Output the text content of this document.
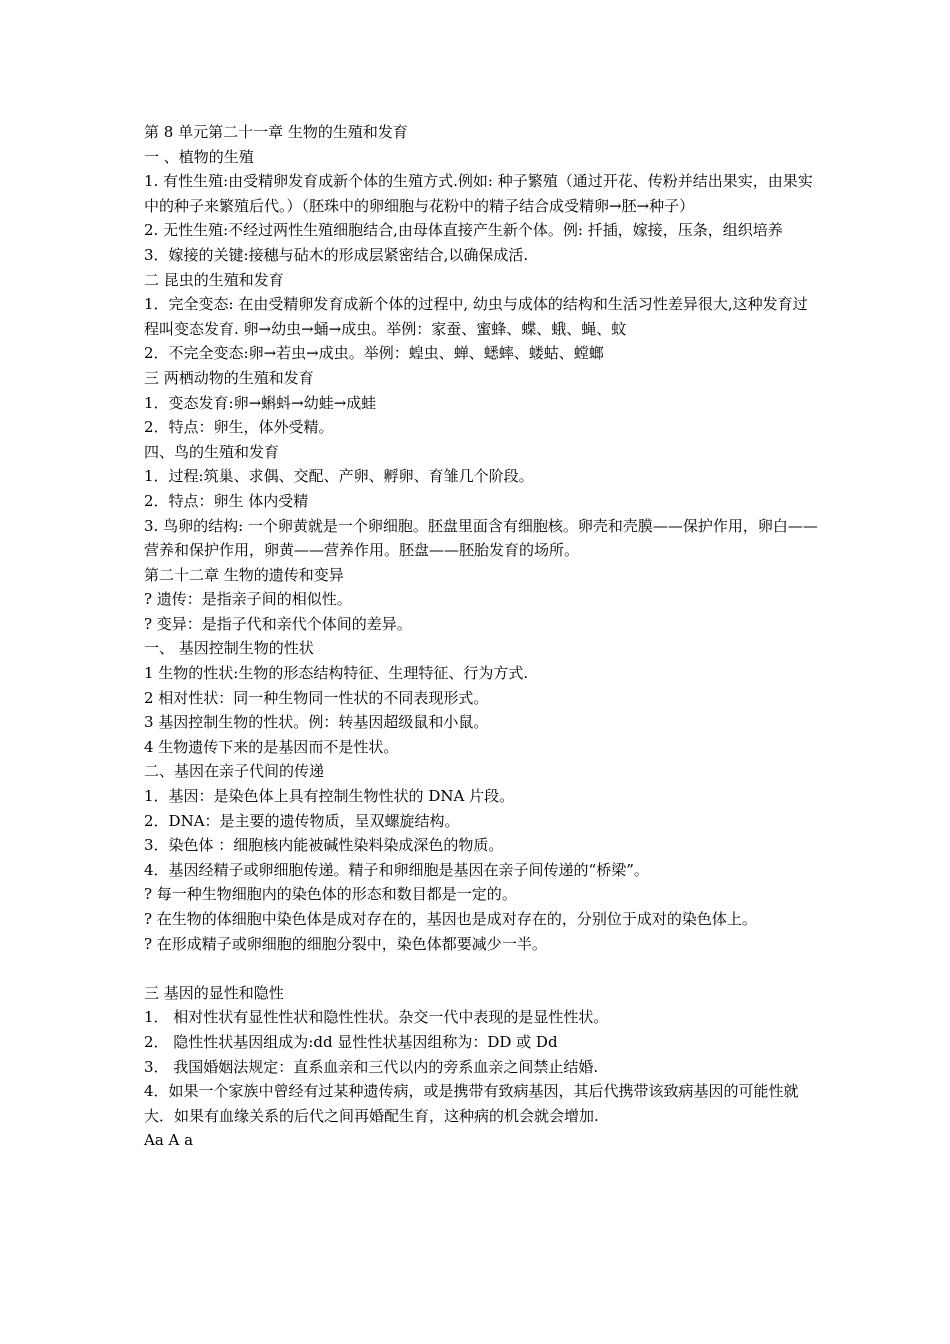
第 8 单元第二十一章 生物的生殖和发育
一 、植物的生殖
1. 有性生殖:由受精卵发育成新个体的生殖方式.例如: 种子繁殖（通过开花、传粉并结出果实，由果实中的种子来繁殖后代。）（胚珠中的卵细胞与花粉中的精子结合成受精卵→胚→种子）
2. 无性生殖:不经过两性生殖细胞结合,由母体直接产生新个体。例: 扦插，嫁接，压条，组织培养
3．嫁接的关键:接穗与砧木的形成层紧密结合,以确保成活.
二 昆虫的生殖和发育
1．完全变态: 在由受精卵发育成新个体的过程中, 幼虫与成体的结构和生活习性差异很大,这种发育过程叫变态发育. 卵→幼虫→蛹→成虫。举例：家蚕、蜜蜂、蝶、蛾、蝇、蚊
2．不完全变态:卵→若虫→成虫。举例：蝗虫、蝉、蟋蟀、蝼蛄、螳螂
三 两栖动物的生殖和发育
1．变态发育:卵→蝌蚪→幼蛙→成蛙
2．特点：卵生，体外受精。
四、鸟的生殖和发育
1．过程:筑巢、求偶、交配、产卵、孵卵、育雏几个阶段。
2．特点：卵生 体内受精
3. 鸟卵的结构: 一个卵黄就是一个卵细胞。胚盘里面含有细胞核。卵壳和壳膜——保护作用，卵白——营养和保护作用，卵黄——营养作用。胚盘——胚胎发育的场所。
第二十二章 生物的遗传和变异
? 遗传：是指亲子间的相似性。
? 变异：是指子代和亲代个体间的差异。
一、 基因控制生物的性状
1 生物的性状:生物的形态结构特征、生理特征、行为方式.
2 相对性状：同一种生物同一性状的不同表现形式。
3 基因控制生物的性状。例：转基因超级鼠和小鼠。
4 生物遗传下来的是基因而不是性状。
二、基因在亲子代间的传递
1．基因：是染色体上具有控制生物性状的 DNA 片段。
2．DNA：是主要的遗传物质，呈双螺旋结构。
3．染色体 ：细胞核内能被碱性染料染成深色的物质。
4．基因经精子或卵细胞传递。精子和卵细胞是基因在亲子间传递的“桥梁”。
? 每一种生物细胞内的染色体的形态和数目都是一定的。
? 在生物的体细胞中染色体是成对存在的，基因也是成对存在的，分别位于成对的染色体上。
? 在形成精子或卵细胞的细胞分裂中，染色体都要减少一半。
三 基因的显性和隐性
1． 相对性状有显性性状和隐性性状。杂交一代中表现的是显性性状。
2． 隐性性状基因组成为:dd 显性性状基因组称为：DD 或 Dd
3． 我国婚姻法规定：直系血亲和三代以内的旁系血亲之间禁止结婚.
4．如果一个家族中曾经有过某种遗传病，或是携带有致病基因，其后代携带该致病基因的可能性就大．如果有血缘关系的后代之间再婚配生育，这种病的机会就会增加.
Aa A a
